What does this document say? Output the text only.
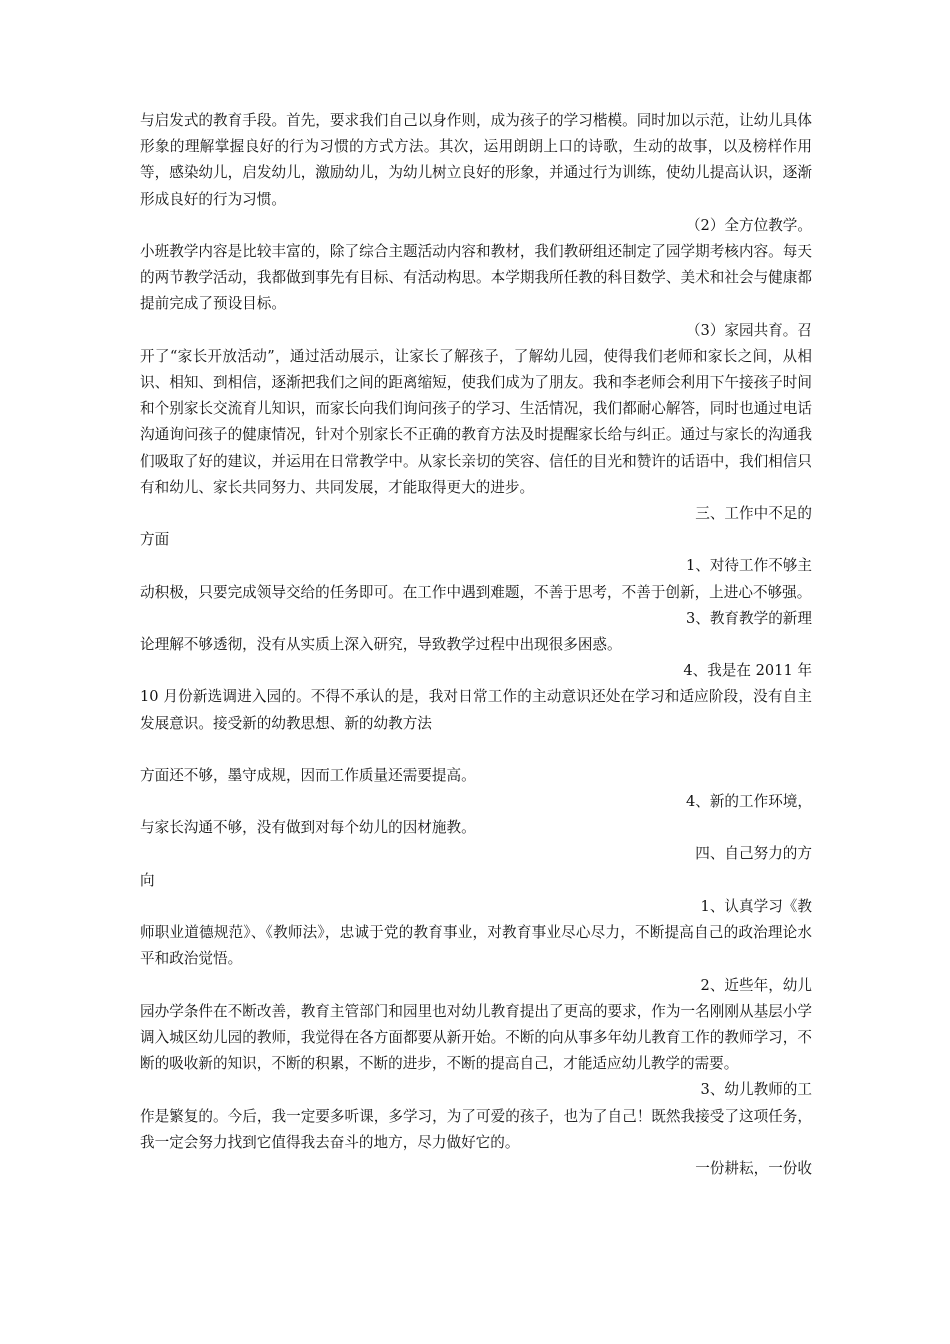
与启发式的教育手段。首先，要求我们自己以身作则，成为孩子的学习楷模。同时加以示范，让幼儿具体形象的理解掌握良好的行为习惯的方式方法。其次，运用朗朗上口的诗歌，生动的故事，以及榜样作用等，感染幼儿，启发幼儿，激励幼儿，为幼儿树立良好的形象，并通过行为训练，使幼儿提高认识，逐渐形成良好的行为习惯。
（2）全方位教学。
小班教学内容是比较丰富的，除了综合主题活动内容和教材，我们教研组还制定了园学期考核内容。每天的两节教学活动，我都做到事先有目标、有活动构思。本学期我所任教的科目数学、美术和社会与健康都提前完成了预设目标。
（3）家园共育。召
开了“家长开放活动”，通过活动展示，让家长了解孩子，了解幼儿园，使得我们老师和家长之间，从相识、相知、到相信，逐渐把我们之间的距离缩短，使我们成为了朋友。我和李老师会利用下午接孩子时间和个别家长交流育儿知识，而家长向我们询问孩子的学习、生活情况，我们都耐心解答，同时也通过电话沟通询问孩子的健康情况，针对个别家长不正确的教育方法及时提醒家长给与纠正。通过与家长的沟通我们吸取了好的建议，并运用在日常教学中。从家长亲切的笑容、信任的目光和赞许的话语中，我们相信只有和幼儿、家长共同努力、共同发展，才能取得更大的进步。
三、工作中不足的
方面
1、对待工作不够主
动积极，只要完成领导交给的任务即可。在工作中遇到难题，不善于思考，不善于创新，上进心不够强。
3、教育教学的新理
论理解不够透彻，没有从实质上深入研究，导致教学过程中出现很多困惑。
4、我是在 2011 年
10 月份新选调进入园的。不得不承认的是，我对日常工作的主动意识还处在学习和适应阶段，没有自主发展意识。接受新的幼教思想、新的幼教方法
方面还不够，墨守成规，因而工作质量还需要提高。
4、新的工作环境，
与家长沟通不够，没有做到对每个幼儿的因材施教。
四、自己努力的方
向
1、认真学习《教
师职业道德规范》、《教师法》，忠诚于党的教育事业，对教育事业尽心尽力，不断提高自己的政治理论水平和政治觉悟。
2、近些年，幼儿
园办学条件在不断改善，教育主管部门和园里也对幼儿教育提出了更高的要求，作为一名刚刚从基层小学调入城区幼儿园的教师，我觉得在各方面都要从新开始。不断的向从事多年幼儿教育工作的教师学习，不断的吸收新的知识，不断的积累，不断的进步，不断的提高自己，才能适应幼儿教学的需要。
3、幼儿教师的工
作是繁复的。今后，我一定要多听课，多学习，为了可爱的孩子，也为了自己！既然我接受了这项任务，我一定会努力找到它值得我去奋斗的地方，尽力做好它的。
一份耕耘，一份收
